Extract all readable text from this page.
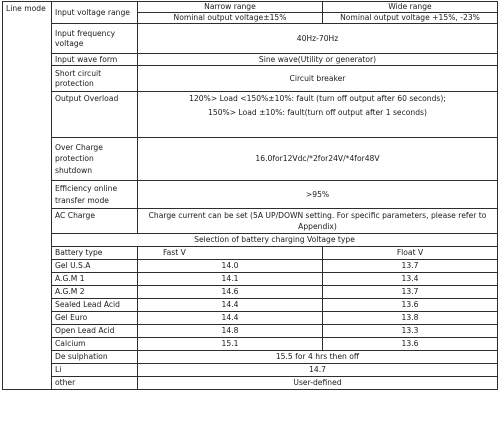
Line mode	Input voltage range	Narrow range	Wide range
		Nominal output voltage±15%	Nominal output voltage +15%, -23%

	Input frequency
voltage	40Hz-70Hz	
	Input wave form	Sine wave(Utility or generator)	

	Short circuit
protection	Circuit breaker	
	Output Overload	120%> Load <150%±10%: fault (turn off output after 60 seconds);
150%> Load ±10%: fault(turn off output after 1 seconds)	

	Over Charge
protection
shutdown	16.0for12Vdc/*2for24V/*4for48V	

	Efficiency online
transfer mode	>95%	
	AC Charge	Charge current can be set (5A UP/DOWN setting. For specific parameters, please refer to
Appendix)	

	Selection of battery charging Voltage type		
	Battery type	Fast V	Float V
	Gel U.S.A	14.0	13.7
	A.G.M 1	14.1	13.4
	A.G.M 2	14.6	13.7
	Sealed Lead Acid	14.4	13.6
	Gel Euro	14.4	13.8
	Open Lead Acid	14.8	13.3
	Calcium	15.1	13.6
	De sulphation	15.5 for 4 hrs then off	
	Li	14.7	
	other	User-defined	
